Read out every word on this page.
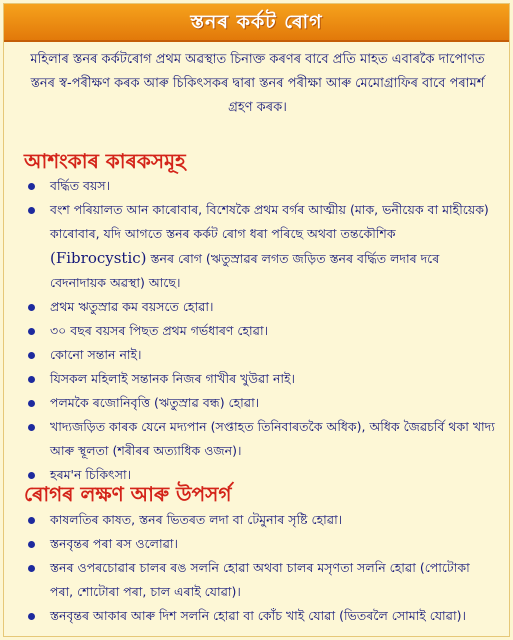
স্তনৰ কৰ্কট ৰোগ
মহিলাৰ স্তনৰ কৰ্কটৰোগ প্ৰথম অৱস্থাত চিনাক্ত কৰণৰ বাবে প্ৰতি মাহত এবাৰকৈ দাপোণত স্তনৰ স্ব-পৰীক্ষণ কৰক আৰু চিকিৎসকৰ দ্বাৰা স্তনৰ পৰীক্ষা আৰু মেমোগ্ৰাফিৰ বাবে পৰামৰ্শ গ্ৰহণ কৰক।
আশংকাৰ কাৰকসমূহ
বৰ্দ্ধিত বয়স।
বংশ পৰিয়ালত আন কাৰোবাৰ, বিশেষকৈ প্ৰথম বৰ্গৰ আত্মীয় (মাক, ভনীয়েক বা মাহীয়েক) কাৰোবাৰ, যদি আগতে স্তনৰ কৰ্কট ৰোগ ধৰা পৰিছে অথবা তন্তকৌশিক (Fibrocystic) স্তনৰ ৰোগ (ঋতুস্ৰাৱৰ লগত জড়িত স্তনৰ বৰ্দ্ধিত লদাৰ দৰে বেদনাদায়ক অৱস্থা) আছে।
প্ৰথম ঋতুস্ৰাৱ কম বয়সতে হোৱা।
৩০ বছৰ বয়সৰ পিছত প্ৰথম গৰ্ভধাৰণ হোৱা।
কোনো সন্তান নাই।
যিসকল মহিলাই সন্তানক নিজৰ গাখীৰ খুউৱা নাই।
পলমকৈ ৰজোনিবৃত্তি (ঋতুস্ৰাৱ বন্ধ) হোৱা।
খাদ্যজড়িত কাৰক যেনে মদ্যপান (সপ্তাহত তিনিবাৰতকৈ অধিক), অধিক জৈৱচৰ্বি থকা খাদ্য আৰু স্থূলতা (শৰীৰৰ অত্যাধিক ওজন)।
হৰম'ন চিকিৎসা।
ৰোগৰ লক্ষণ আৰু উপসৰ্গ
কাষলতিৰ কাষত, স্তনৰ ভিতৰত লদা বা টেমুনাৰ সৃষ্টি হোৱা।
স্তনবৃন্তৰ পৰা ৰস ওলোৱা।
স্তনৰ ওপৰচোৱাৰ চালৰ ৰঙ সলনি হোৱা অথবা চালৰ মসৃণতা সলনি হোৱা (পোটোকা পৰা, শোটোৰা পৰা, চাল এৰাই যোৱা)।
স্তনবৃন্তৰ আকাৰ আৰু দিশ সলনি হোৱা বা কোঁচ খাই যোৱা (ভিতৰলৈ সোমাই যোৱা)।
